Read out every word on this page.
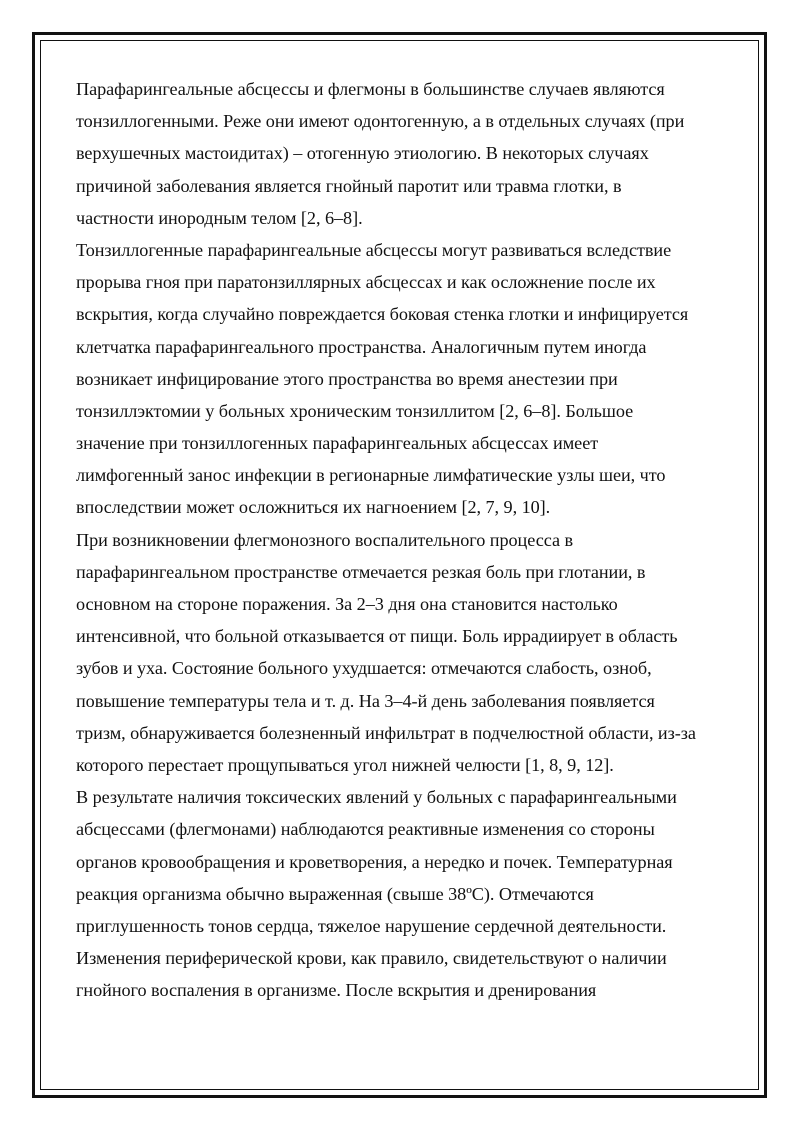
Парафарингеальные абсцессы и флегмоны в большинстве случаев являются
тонзиллогенными. Реже они имеют одонтогенную, а в отдельных случаях (при
верхушечных мастоидитах) – отогенную этиологию. В некоторых случаях
причиной заболевания является гнойный паротит или травма глотки, в
частности инородным телом [2, 6–8].
Тонзиллогенные парафарингеальные абсцессы могут развиваться вследствие
прорыва гноя при паратонзиллярных абсцессах и как осложнение после их
вскрытия, когда случайно повреждается боковая стенка глотки и инфицируется
клетчатка парафарингеального пространства. Аналогичным путем иногда
возникает инфицирование этого пространства во время анестезии при
тонзиллэктомии у больных хроническим тонзиллитом [2, 6–8]. Большое
значение при тонзиллогенных парафарингеальных абсцессах имеет
лимфогенный занос инфекции в регионарные лимфатические узлы шеи, что
впоследствии может осложниться их нагноением [2, 7, 9, 10].
При возникновении флегмонозного воспалительного процесса в
парафарингеальном пространстве отмечается резкая боль при глотании, в
основном на стороне поражения. За 2–3 дня она становится настолько
интенсивной, что больной отказывается от пищи. Боль иррадиирует в область
зубов и уха. Состояние больного ухудшается: отмечаются слабость, озноб,
повышение температуры тела и т. д. На 3–4-й день заболевания появляется
тризм, обнаруживается болезненный инфильтрат в подчелюстной области, из-за
которого перестает прощупываться угол нижней челюсти [1, 8, 9, 12].
В результате наличия токсических явлений у больных с парафарингеальными
абсцессами (флегмонами) наблюдаются реактивные изменения со стороны
органов кровообращения и кроветворения, а нередко и почек. Температурная
реакция организма обычно выраженная (свыше 38ºС). Отмечаются
приглушенность тонов сердца, тяжелое нарушение сердечной деятельности.
Изменения периферической крови, как правило, свидетельствуют о наличии
гнойного воспаления в организме. После вскрытия и дренирования
